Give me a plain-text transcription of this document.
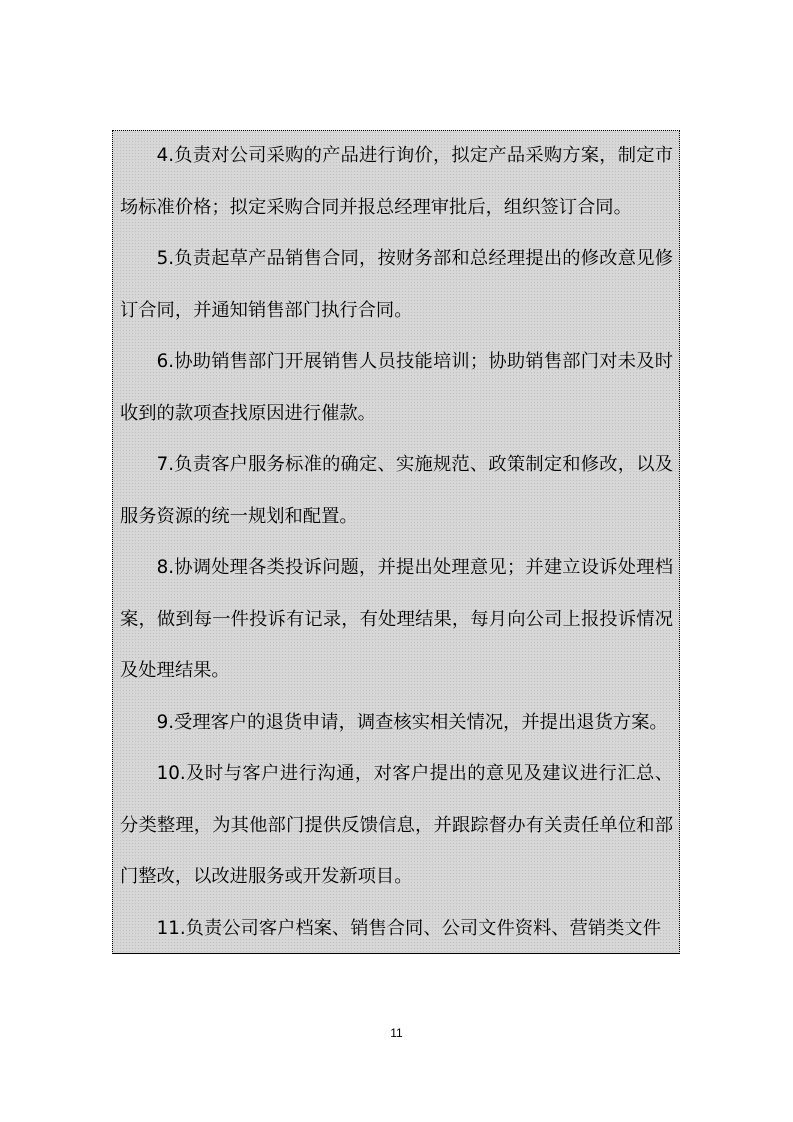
4.负责对公司采购的产品进行询价，拟定产品采购方案，制定市场标准价格；拟定采购合同并报总经理审批后，组织签订合同。

5.负责起草产品销售合同，按财务部和总经理提出的修改意见修订合同，并通知销售部门执行合同。

6.协助销售部门开展销售人员技能培训；协助销售部门对未及时收到的款项查找原因进行催款。

7.负责客户服务标准的确定、实施规范、政策制定和修改，以及服务资源的统一规划和配置。

8.协调处理各类投诉问题，并提出处理意见；并建立设诉处理档案，做到每一件投诉有记录，有处理结果，每月向公司上报投诉情况及处理结果。

9.受理客户的退货申请，调查核实相关情况，并提出退货方案。

10.及时与客户进行沟通，对客户提出的意见及建议进行汇总、分类整理，为其他部门提供反馈信息，并跟踪督办有关责任单位和部门整改，以改进服务或开发新项目。

11.负责公司客户档案、销售合同、公司文件资料、营销类文件

11
